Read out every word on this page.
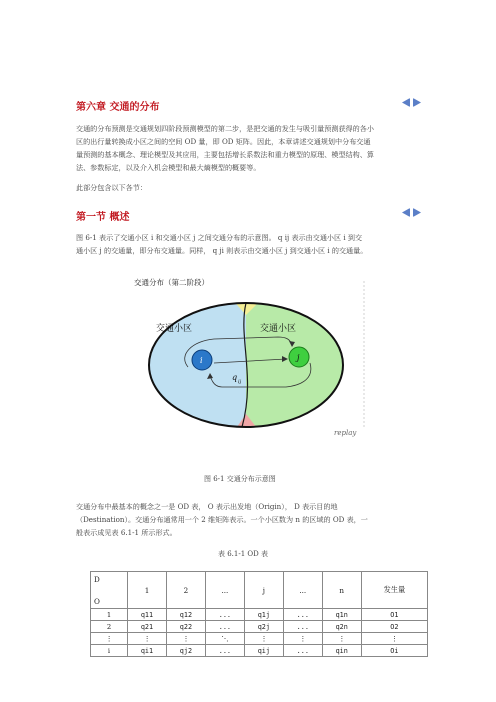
第六章 交通的分布
交通的分布预测是交通规划四阶段预测模型的第二步，是把交通的发生与吸引量预测获得的各小
区的出行量转换成小区之间的空间 OD 量，即 OD 矩阵。因此，本章讲述交通规划中分布交通
量预测的基本概念、理论模型及其应用，主要包括增长系数法和重力模型的原理、模型结构、算
法、参数标定，以及介入机会模型和最大熵模型的概要等。
此部分包含以下各节：
第一节 概述
图 6-1 表示了交通小区 i 和交通小区 j 之间交通分布的示意图。 q ij 表示由交通小区 i 到交
通小区 j 的交通量，即分布交通量。同样， q ji 则表示由交通小区 j 到交通小区 i 的交通量。
交通分布（第二阶段）
交通小区	交通小区
i	j
q ij
replay
图 6-1 交通分布示意图
交通分布中最基本的概念之一是 OD 表， O 表示出发地（Origin）， D 表示目的地
（Destination）。交通分布通常用一个 2 维矩阵表示。一个小区数为 n 的区域的 OD 表，一
般表示成见表 6.1-1 所示形式。
表 6.1-1 OD 表
D
O	1	2	...	j	...	n	发生量
1	q11	q12	...	q1j	...	q1n	O1
2	q21	q22	...	q2j	...	q2n	O2
⋮	⋮	⋮	⋱	⋮	⋮	⋮	⋮
i	qi1	qj2	...	qij	...	qin	Oi
